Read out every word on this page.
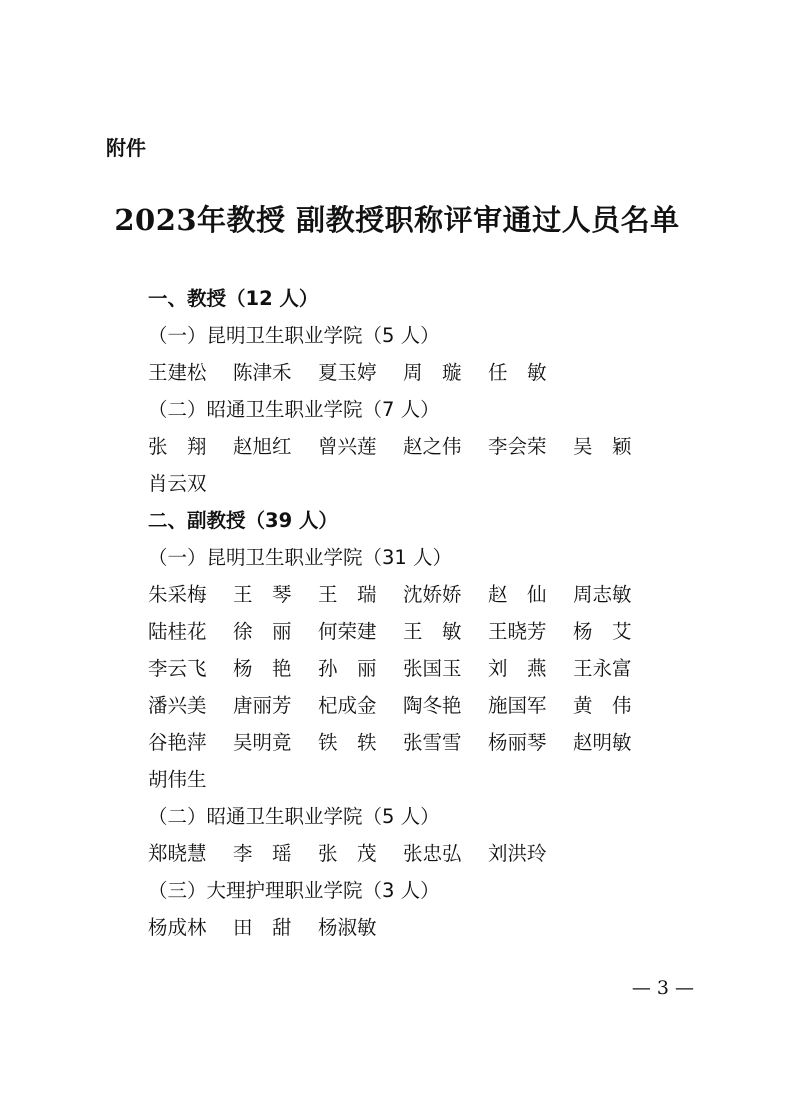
附件
2023年教授 副教授职称评审通过人员名单
一、教授（12 人）
（一）昆明卫生职业学院（5 人）
王建松	陈津禾	夏玉婷	周　璇	任　敏
（二）昭通卫生职业学院（7 人）
张　翔	赵旭红	曾兴莲	赵之伟	李会荣	吴　颖
肖云双
二、副教授（39 人）
（一）昆明卫生职业学院（31 人）
朱采梅	王　琴	王　瑞	沈娇娇	赵　仙	周志敏
陆桂花	徐　丽	何荣建	王　敏	王晓芳	杨　艾
李云飞	杨　艳	孙　丽	张国玉	刘　燕	王永富
潘兴美	唐丽芳	杞成金	陶冬艳	施国军	黄　伟
谷艳萍	吴明竟	铁　轶	张雪雪	杨丽琴	赵明敏
胡伟生
（二）昭通卫生职业学院（5 人）
郑晓慧	李　瑶	张　茂	张忠弘	刘洪玲
（三）大理护理职业学院（3 人）
杨成林	田　甜	杨淑敏
— 3 —
